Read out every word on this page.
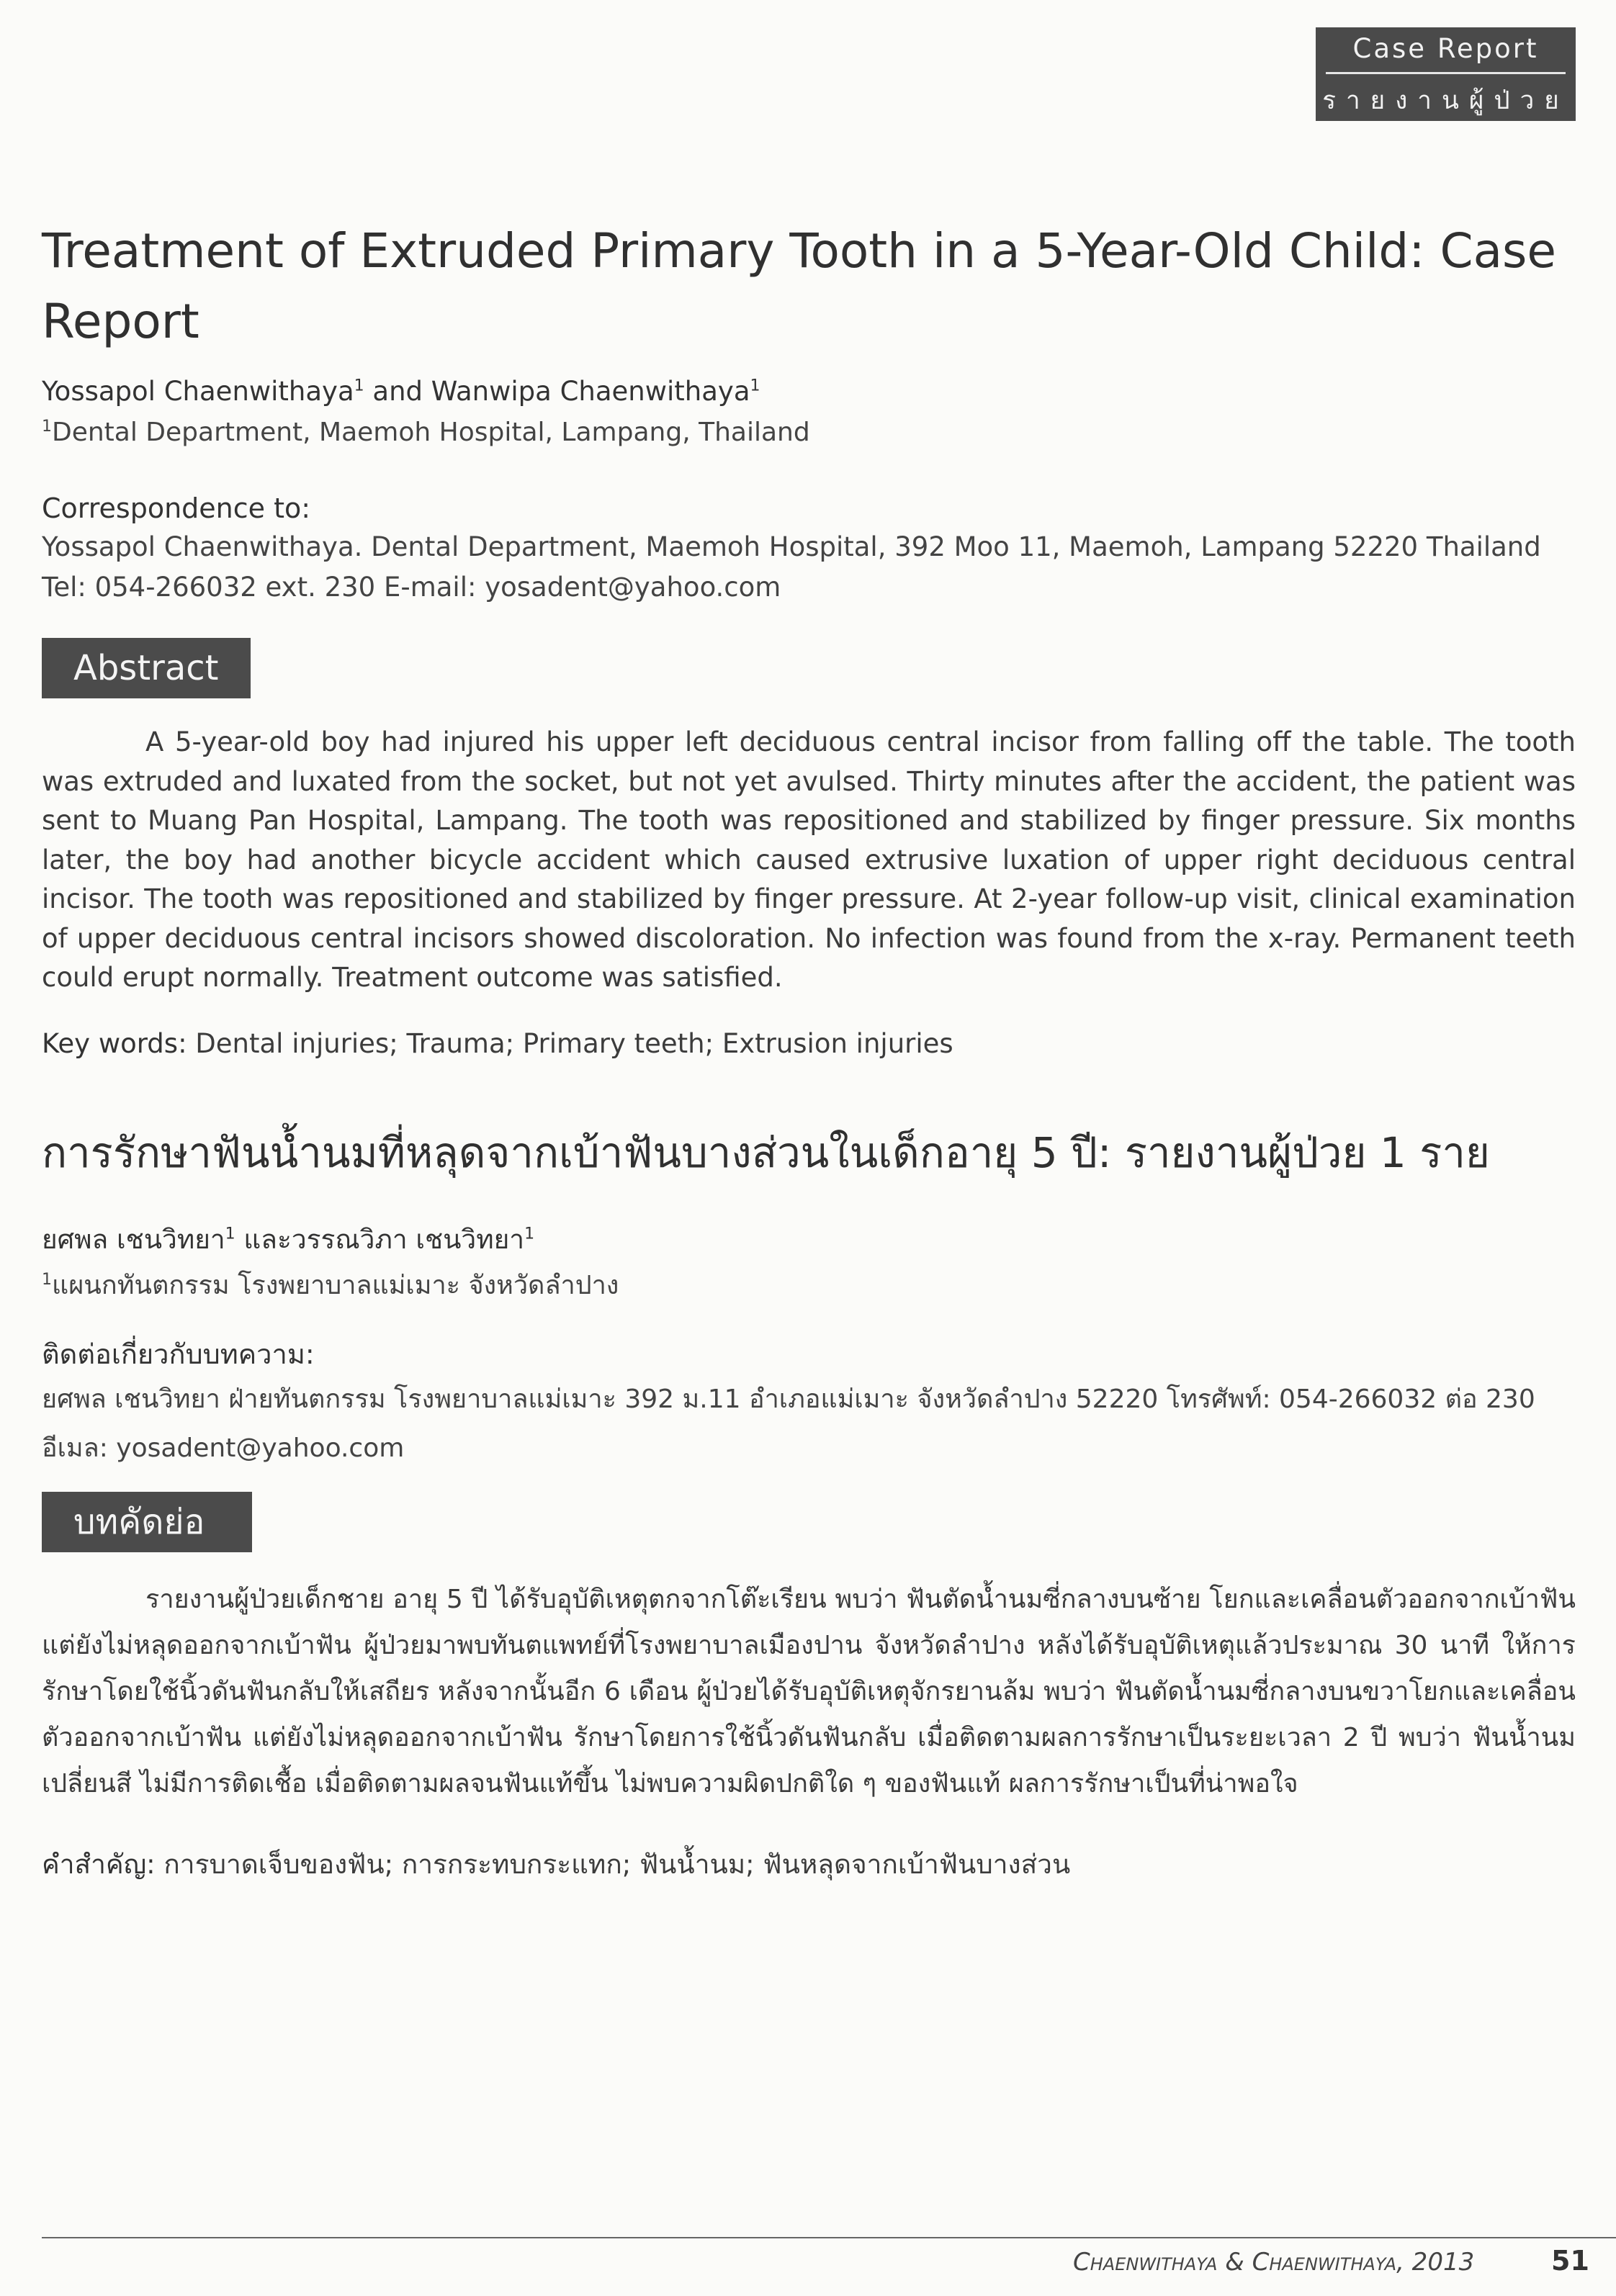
Case Report
รายงานผู้ป่วย
Treatment of Extruded Primary Tooth in a 5-Year-Old Child: Case Report
Yossapol Chaenwithaya$^1$ and Wanwipa Chaenwithaya$^1$
$^1$Dental Department, Maemoh Hospital, Lampang, Thailand
Correspondence to:
Yossapol Chaenwithaya. Dental Department, Maemoh Hospital, 392 Moo 11, Maemoh, Lampang 52220 Thailand
Tel: 054-266032 ext. 230 E-mail: yosadent@yahoo.com
Abstract
A 5-year-old boy had injured his upper left deciduous central incisor from falling off the table. The tooth was extruded and luxated from the socket, but not yet avulsed. Thirty minutes after the accident, the patient was sent to Muang Pan Hospital, Lampang. The tooth was repositioned and stabilized by finger pressure. Six months later, the boy had another bicycle accident which caused extrusive luxation of upper right deciduous central incisor. The tooth was repositioned and stabilized by finger pressure. At 2-year follow-up visit, clinical examination of upper deciduous central incisors showed discoloration. No infection was found from the x-ray. Permanent teeth could erupt normally. Treatment outcome was satisfied.
Key words: Dental injuries; Trauma; Primary teeth; Extrusion injuries
การรักษาฟันน้ำนมที่หลุดจากเบ้าฟันบางส่วนในเด็กอายุ 5 ปี: รายงานผู้ป่วย 1 ราย
ยศพล เชนวิทยา$^1$ และวรรณวิภา เชนวิทยา$^1$
$^1$แผนกทันตกรรม โรงพยาบาลแม่เมาะ จังหวัดลำปาง
ติดต่อเกี่ยวกับบทความ:
ยศพล เชนวิทยา ฝ่ายทันตกรรม โรงพยาบาลแม่เมาะ 392 ม.11 อำเภอแม่เมาะ จังหวัดลำปาง 52220 โทรศัพท์: 054-266032 ต่อ 230
อีเมล: yosadent@yahoo.com
บทคัดย่อ
รายงานผู้ป่วยเด็กชาย อายุ 5 ปี ได้รับอุบัติเหตุตกจากโต๊ะเรียน พบว่า ฟันตัดน้ำนมซี่กลางบนซ้าย โยกและเคลื่อนตัวออกจากเบ้าฟัน แต่ยังไม่หลุดออกจากเบ้าฟัน ผู้ป่วยมาพบทันตแพทย์ที่โรงพยาบาลเมืองปาน จังหวัดลำปาง หลังได้รับอุบัติเหตุแล้วประมาณ 30 นาที ให้การรักษาโดยใช้นิ้วดันฟันกลับให้เสถียร หลังจากนั้นอีก 6 เดือน ผู้ป่วยได้รับอุบัติเหตุจักรยานล้ม พบว่า ฟันตัดน้ำนมซี่กลางบนขวาโยกและเคลื่อนตัวออกจากเบ้าฟัน แต่ยังไม่หลุดออกจากเบ้าฟัน รักษาโดยการใช้นิ้วดันฟันกลับ เมื่อติดตามผลการรักษาเป็นระยะเวลา 2 ปี พบว่า ฟันน้ำนมเปลี่ยนสี ไม่มีการติดเชื้อ เมื่อติดตามผลจนฟันแท้ขึ้น ไม่พบความผิดปกติใด ๆ ของฟันแท้ ผลการรักษาเป็นที่น่าพอใจ
คำสำคัญ: การบาดเจ็บของฟัน; การกระทบกระแทก; ฟันน้ำนม; ฟันหลุดจากเบ้าฟันบางส่วน
Chaenwithaya & Chaenwithaya, 2013	51
